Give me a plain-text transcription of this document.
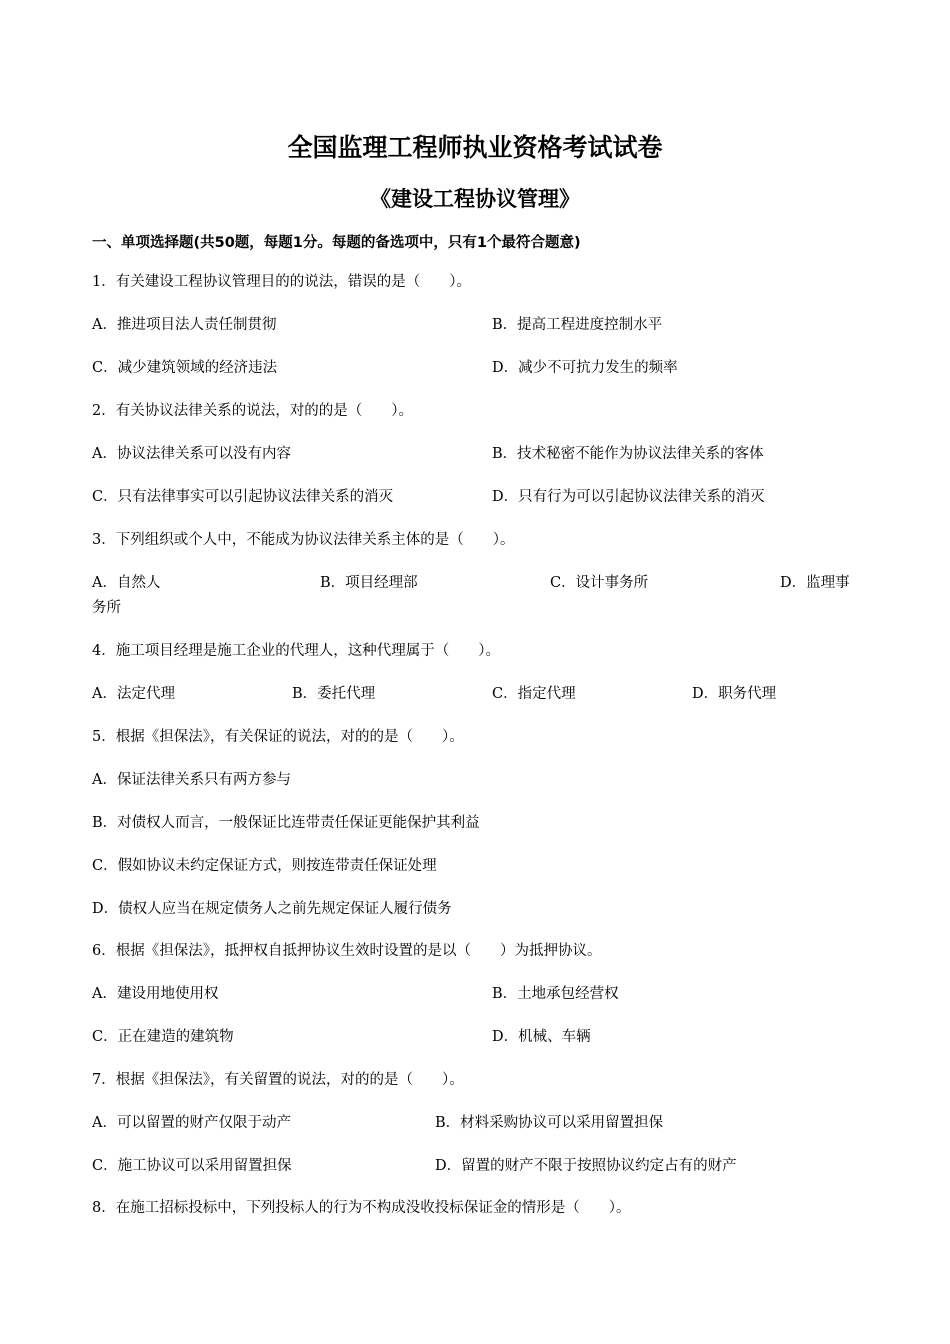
全国监理工程师执业资格考试试卷
《建设工程协议管理》
一、单项选择题(共50题，每题1分。每题的备选项中，只有1个最符合题意)
1．有关建设工程协议管理目的的说法，错误的是（　　）。
A．推进项目法人责任制贯彻	B．提高工程进度控制水平
C．减少建筑领域的经济违法	D．减少不可抗力发生的频率
2．有关协议法律关系的说法，对的的是（　　）。
A．协议法律关系可以没有内容	B．技术秘密不能作为协议法律关系的客体
C．只有法律事实可以引起协议法律关系的消灭	D．只有行为可以引起协议法律关系的消灭
3．下列组织或个人中，不能成为协议法律关系主体的是（　　）。
A．自然人	B．项目经理部	C．设计事务所	D．监理事
务所
4．施工项目经理是施工企业的代理人，这种代理属于（　　）。
A．法定代理	B．委托代理	C．指定代理	D．职务代理
5．根据《担保法》，有关保证的说法，对的的是（　　）。
A．保证法律关系只有两方参与
B．对债权人而言，一般保证比连带责任保证更能保护其利益
C．假如协议未约定保证方式，则按连带责任保证处理
D．债权人应当在规定债务人之前先规定保证人履行债务
6．根据《担保法》，抵押权自抵押协议生效时设置的是以（　　）为抵押协议。
A．建设用地使用权	B．土地承包经营权
C．正在建造的建筑物	D．机械、车辆
7．根据《担保法》，有关留置的说法，对的的是（　　）。
A．可以留置的财产仅限于动产	B．材料采购协议可以采用留置担保
C．施工协议可以采用留置担保	D．留置的财产不限于按照协议约定占有的财产
8．在施工招标投标中，下列投标人的行为不构成没收投标保证金的情形是（　　）。
